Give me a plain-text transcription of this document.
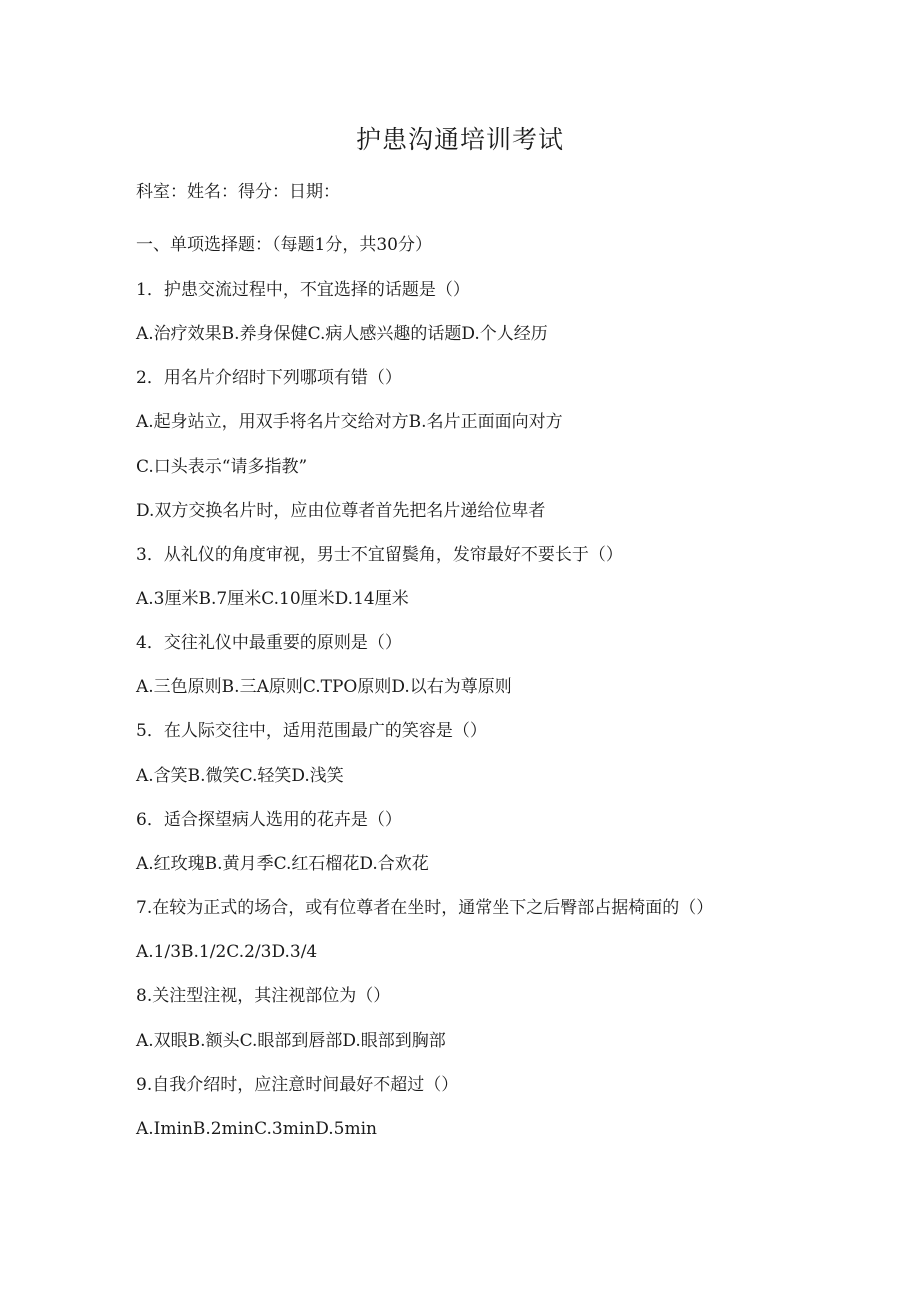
护患沟通培训考试
科室：姓名：得分：日期：
一、单项选择题：（每题1分，共30分）
1．护患交流过程中，不宜选择的话题是（）
A.治疗效果B.养身保健C.病人感兴趣的话题D.个人经历
2．用名片介绍时下列哪项有错（）
A.起身站立，用双手将名片交给对方B.名片正面面向对方
C.口头表示“请多指教”
D.双方交换名片时，应由位尊者首先把名片递给位卑者
3．从礼仪的角度审视，男士不宜留鬓角，发帘最好不要长于（）
A.3厘米B.7厘米C.10厘米D.14厘米
4．交往礼仪中最重要的原则是（）
A.三色原则B.三A原则C.TPO原则D.以右为尊原则
5．在人际交往中，适用范围最广的笑容是（）
A.含笑B.微笑C.轻笑D.浅笑
6．适合探望病人选用的花卉是（）
A.红玫瑰B.黄月季C.红石榴花D.合欢花
7.在较为正式的场合，或有位尊者在坐时，通常坐下之后臀部占据椅面的（）
A.1/3B.1/2C.2/3D.3/4
8.关注型注视，其注视部位为（）
A.双眼B.额头C.眼部到唇部D.眼部到胸部
9.自我介绍时，应注意时间最好不超过（）
A.IminB.2minC.3minD.5min
